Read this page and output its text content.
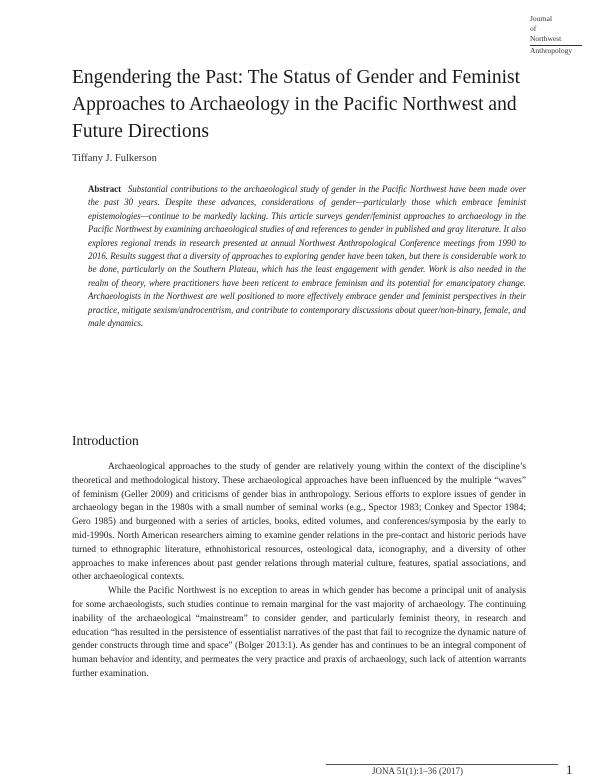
Journal
of
Northwest
Anthropology
Engendering the Past: The Status of Gender and Feminist Approaches to Archaeology in the Pacific Northwest and Future Directions
Tiffany J. Fulkerson
Abstract Substantial contributions to the archaeological study of gender in the Pacific Northwest have been made over the past 30 years. Despite these advances, considerations of gender—particularly those which embrace feminist epistemologies—continue to be markedly lacking. This article surveys gender/feminist approaches to archaeology in the Pacific Northwest by examining archaeological studies of and references to gender in published and gray literature. It also explores regional trends in research presented at annual Northwest Anthropological Conference meetings from 1990 to 2016. Results suggest that a diversity of approaches to exploring gender have been taken, but there is considerable work to be done, particularly on the Southern Plateau, which has the least engagement with gender. Work is also needed in the realm of theory, where practitioners have been reticent to embrace feminism and its potential for emancipatory change. Archaeologists in the Northwest are well positioned to more effectively embrace gender and feminist perspectives in their practice, mitigate sexism/androcentrism, and contribute to contemporary discussions about queer/non-binary, female, and male dynamics.
Introduction

Archaeological approaches to the study of gender are relatively young within the context of the discipline’s theoretical and methodological history. These archaeological approaches have been influenced by the multiple “waves” of feminism (Geller 2009) and criticisms of gender bias in anthropology. Serious efforts to explore issues of gender in archaeology began in the 1980s with a small number of seminal works (e.g., Spector 1983; Conkey and Spector 1984; Gero 1985) and burgeoned with a series of articles, books, edited volumes, and conferences/symposia by the early to mid-1990s. North American researchers aiming to examine gender relations in the pre-contact and historic periods have turned to ethnographic literature, ethnohistorical resources, osteological data, iconography, and a diversity of other approaches to make inferences about past gender relations through material culture, features, spatial associations, and other archaeological contexts.

While the Pacific Northwest is no exception to areas in which gender has become a principal unit of analysis for some archaeologists, such studies continue to remain marginal for the vast majority of archaeology. The continuing inability of the archaeological “mainstream” to consider gender, and particularly feminist theory, in research and education “has resulted in the persistence of essentialist narratives of the past that fail to recognize the dynamic nature of gender constructs through time and space” (Bolger 2013:1). As gender has and continues to be an integral component of human behavior and identity, and permeates the very practice and praxis of archaeology, such lack of attention warrants further examination.

JONA 51(1):1–36 (2017)	1
